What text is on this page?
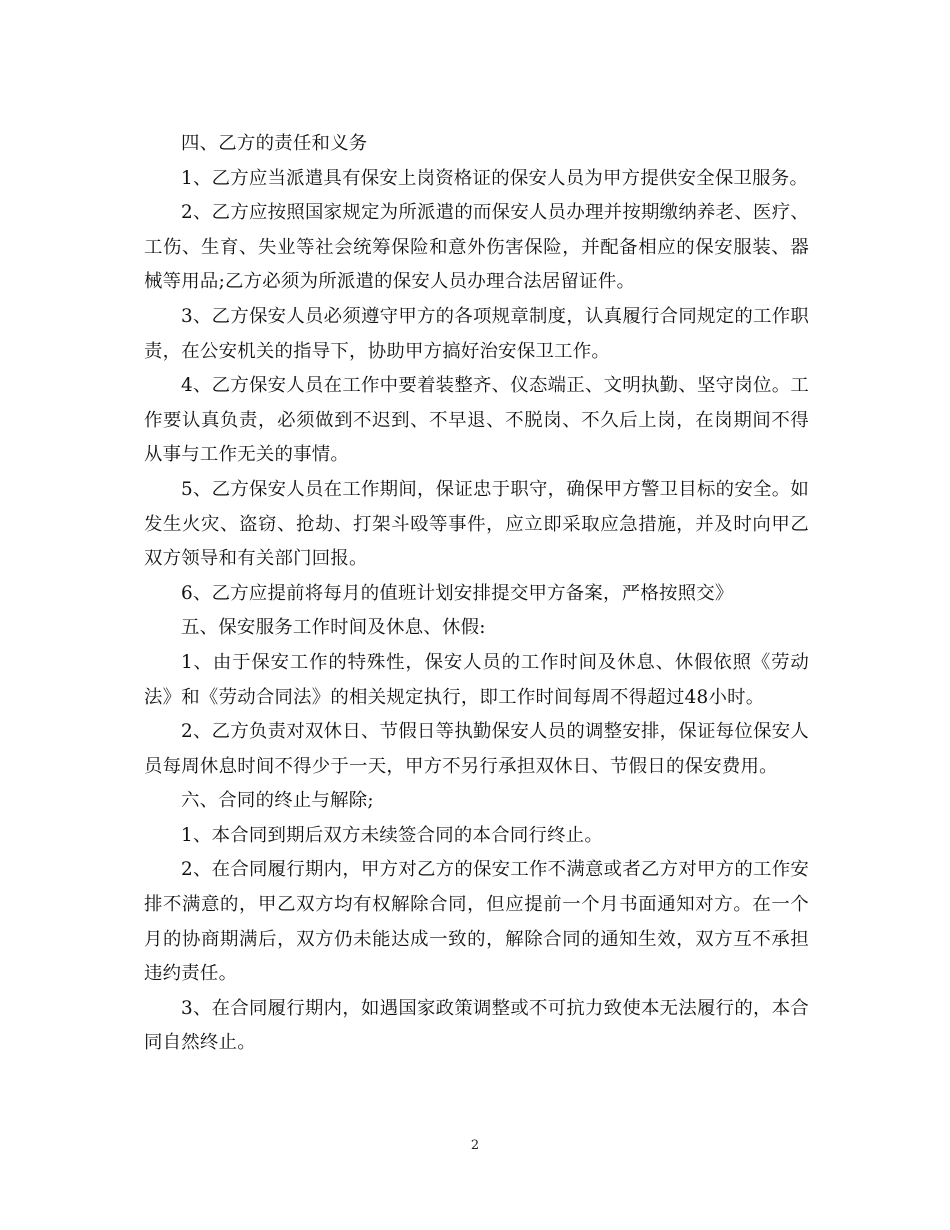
四、乙方的责任和义务

1、乙方应当派遣具有保安上岗资格证的保安人员为甲方提供安全保卫服务。

2、乙方应按照国家规定为所派遣的而保安人员办理并按期缴纳养老、医疗、工伤、生育、失业等社会统筹保险和意外伤害保险，并配备相应的保安服装、器械等用品;乙方必须为所派遣的保安人员办理合法居留证件。

3、乙方保安人员必须遵守甲方的各项规章制度，认真履行合同规定的工作职责，在公安机关的指导下，协助甲方搞好治安保卫工作。

4、乙方保安人员在工作中要着装整齐、仪态端正、文明执勤、坚守岗位。工作要认真负责，必须做到不迟到、不早退、不脱岗、不久后上岗，在岗期间不得从事与工作无关的事情。

5、乙方保安人员在工作期间，保证忠于职守，确保甲方警卫目标的安全。如发生火灾、盗窃、抢劫、打架斗殴等事件，应立即采取应急措施，并及时向甲乙双方领导和有关部门回报。

6、乙方应提前将每月的值班计划安排提交甲方备案，严格按照交》

五、保安服务工作时间及休息、休假:

1、由于保安工作的特殊性，保安人员的工作时间及休息、休假依照《劳动法》和《劳动合同法》的相关规定执行，即工作时间每周不得超过48小时。

2、乙方负责对双休日、节假日等执勤保安人员的调整安排，保证每位保安人员每周休息时间不得少于一天，甲方不另行承担双休日、节假日的保安费用。

六、合同的终止与解除;

1、本合同到期后双方未续签合同的本合同行终止。

2、在合同履行期内，甲方对乙方的保安工作不满意或者乙方对甲方的工作安排不满意的，甲乙双方均有权解除合同，但应提前一个月书面通知对方。在一个月的协商期满后，双方仍未能达成一致的，解除合同的通知生效，双方互不承担违约责任。

3、在合同履行期内，如遇国家政策调整或不可抗力致使本无法履行的，本合同自然终止。

2
